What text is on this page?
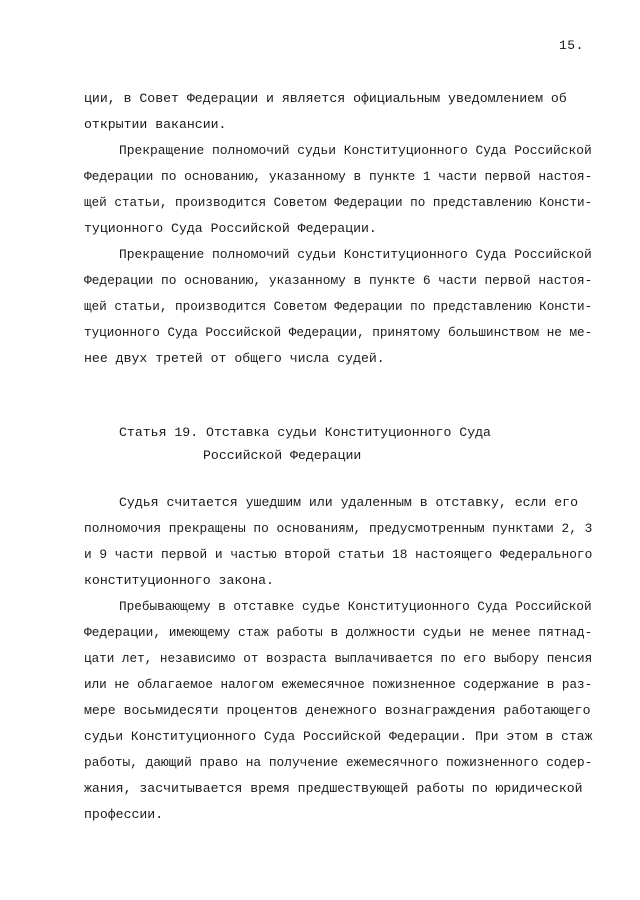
15.
ции, в Совет Федерации и является официальным уведомлением об
открытии вакансии.
Прекращение полномочий судьи Конституционного Суда Российской
Федерации по основанию, указанному в пункте 1 части первой настоя-
щей статьи, производится Советом Федерации по представлению Консти-
туционного Суда Российской Федерации.
Прекращение полномочий судьи Конституционного Суда Российской
Федерации по основанию, указанному в пункте 6 части первой настоя-
щей статьи, производится Советом Федерации по представлению Консти-
туционного Суда Российской Федерации, принятому большинством не ме-
нее двух третей от общего числа судей.
Статья 19. Отставка судьи Конституционного Суда
Российской Федерации
Судья считается ушедшим или удаленным в отставку, если его
полномочия прекращены по основаниям, предусмотренным пунктами 2, 3
и 9 части первой и частью второй статьи 18 настоящего Федерального
конституционного закона.
Пребывающему в отставке судье Конституционного Суда Российской
Федерации, имеющему стаж работы в должности судьи не менее пятнад-
цати лет, независимо от возраста выплачивается по его выбору пенсия
или не облагаемое налогом ежемесячное пожизненное содержание в раз-
мере восьмидесяти процентов денежного вознаграждения работающего
судьи Конституционного Суда Российской Федерации. При этом в стаж
работы, дающий право на получение ежемесячного пожизненного содер-
жания, засчитывается время предшествующей работы по юридической
профессии.
